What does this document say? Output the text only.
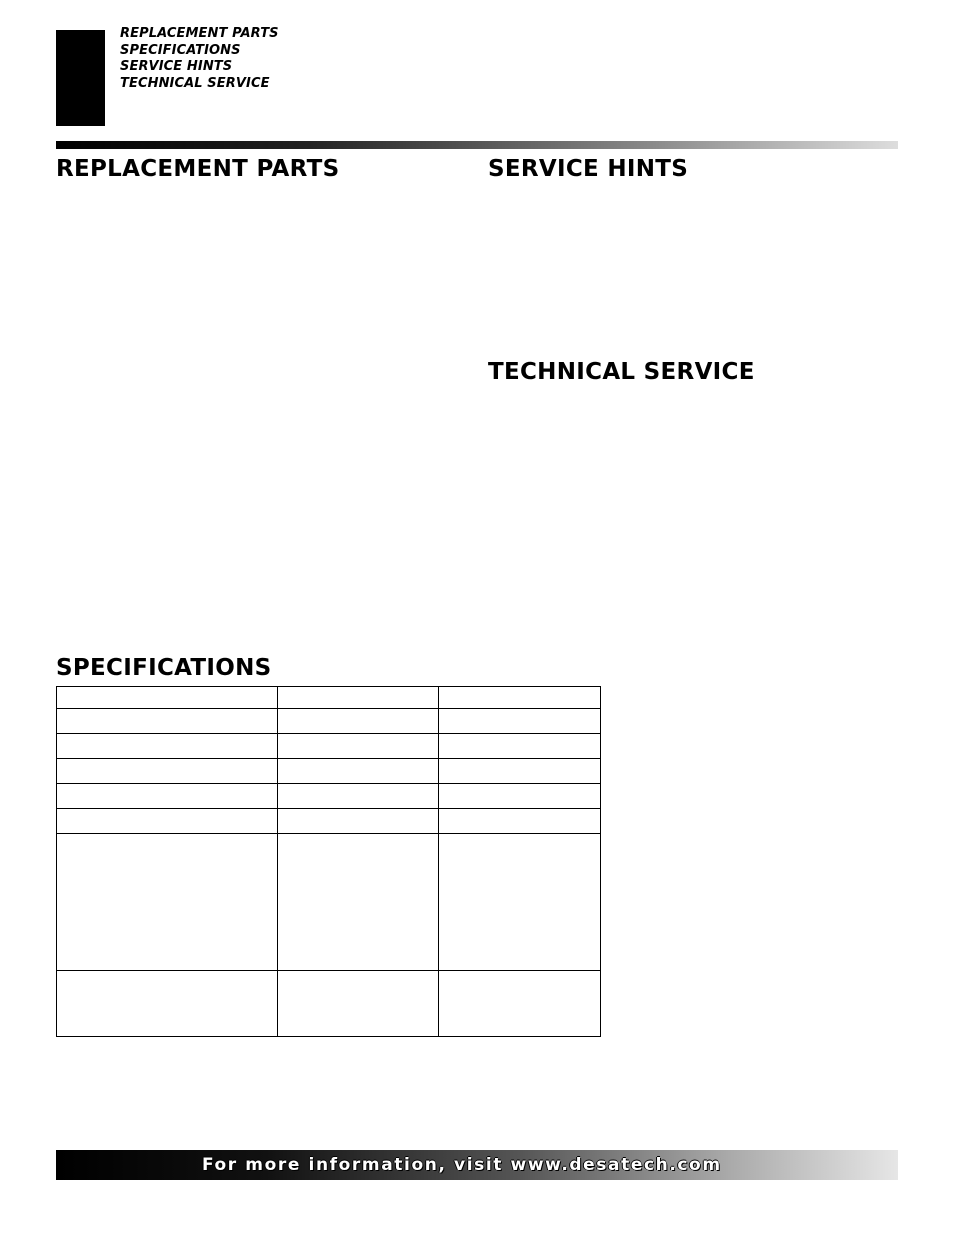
REPLACEMENT PARTS
SPECIFICATIONS
SERVICE HINTS
TECHNICAL SERVICE
REPLACEMENT PARTS	SERVICE HINTS
TECHNICAL SERVICE
SPECIFICATIONS

For more information, visit www.desatech.com
